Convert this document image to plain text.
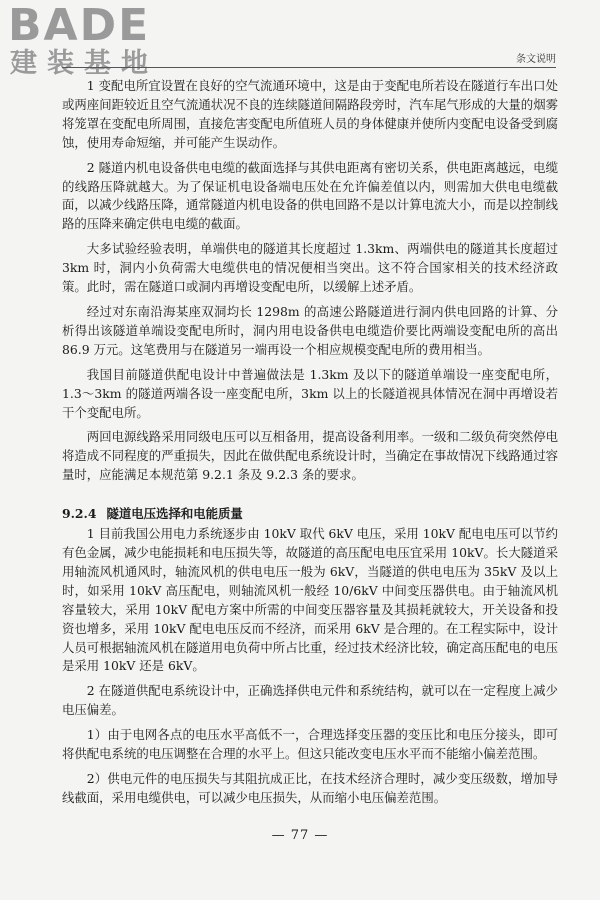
BADE
建装基地	条文说明

1 变配电所宜设置在良好的空气流通环境中，这是由于变配电所若设在隧道行车出口处或两座间距较近且空气流通状况不良的连续隧道间隔路段旁时，汽车尾气形成的大量的烟雾将笼罩在变配电所周围，直接危害变配电所值班人员的身体健康并使所内变配电设备受到腐蚀，使用寿命短缩，并可能产生误动作。

2 隧道内机电设备供电电缆的截面选择与其供电距离有密切关系，供电距离越远，电缆的线路压降就越大。为了保证机电设备端电压处在允许偏差值以内，则需加大供电电缆截面，以减少线路压降，通常隧道内机电设备的供电回路不是以计算电流大小，而是以控制线路的压降来确定供电电缆的截面。

大多试验经验表明，单端供电的隧道其长度超过 1.3km、两端供电的隧道其长度超过 3km 时，洞内小负荷需大电缆供电的情况便相当突出。这不符合国家相关的技术经济政策。此时，需在隧道口或洞内再增设变配电所，以缓解上述矛盾。

经过对东南沿海某座双洞均长 1298m 的高速公路隧道进行洞内供电回路的计算、分析得出该隧道单端设变配电所时，洞内用电设备供电电缆造价要比两端设变配电所的高出 86.9 万元。这笔费用与在隧道另一端再设一个相应规模变配电所的费用相当。

我国目前隧道供配电设计中普遍做法是 1.3km 及以下的隧道单端设一座变配电所，1.3～3km 的隧道两端各设一座变配电所，3km 以上的长隧道视具体情况在洞中再增设若干个变配电所。

两回电源线路采用同级电压可以互相备用，提高设备利用率。一级和二级负荷突然停电将造成不同程度的严重损失，因此在做供配电系统设计时，当确定在事故情况下线路通过容量时，应能满足本规范第 9.2.1 条及 9.2.3 条的要求。

9.2.4 隧道电压选择和电能质量

1 目前我国公用电力系统逐步由 10kV 取代 6kV 电压，采用 10kV 配电电压可以节约有色金属，减少电能损耗和电压损失等，故隧道的高压配电电压宜采用 10kV。长大隧道采用轴流风机通风时，轴流风机的供电电压一般为 6kV，当隧道的供电电压为 35kV 及以上时，如采用 10kV 高压配电，则轴流风机一般经 10/6kV 中间变压器供电。由于轴流风机容量较大，采用 10kV 配电方案中所需的中间变压器容量及其损耗就较大，开关设备和投资也增多，采用 10kV 配电电压反而不经济，而采用 6kV 是合理的。在工程实际中，设计人员可根据轴流风机在隧道用电负荷中所占比重，经过技术经济比较，确定高压配电的电压是采用 10kV 还是 6kV。

2 在隧道供配电系统设计中，正确选择供电元件和系统结构，就可以在一定程度上减少电压偏差。

1）由于电网各点的电压水平高低不一，合理选择变压器的变压比和电压分接头，即可将供配电系统的电压调整在合理的水平上。但这只能改变电压水平而不能缩小偏差范围。

2）供电元件的电压损失与其阻抗成正比，在技术经济合理时，减少变压级数，增加导线截面，采用电缆供电，可以减少电压损失，从而缩小电压偏差范围。

— 77 —
